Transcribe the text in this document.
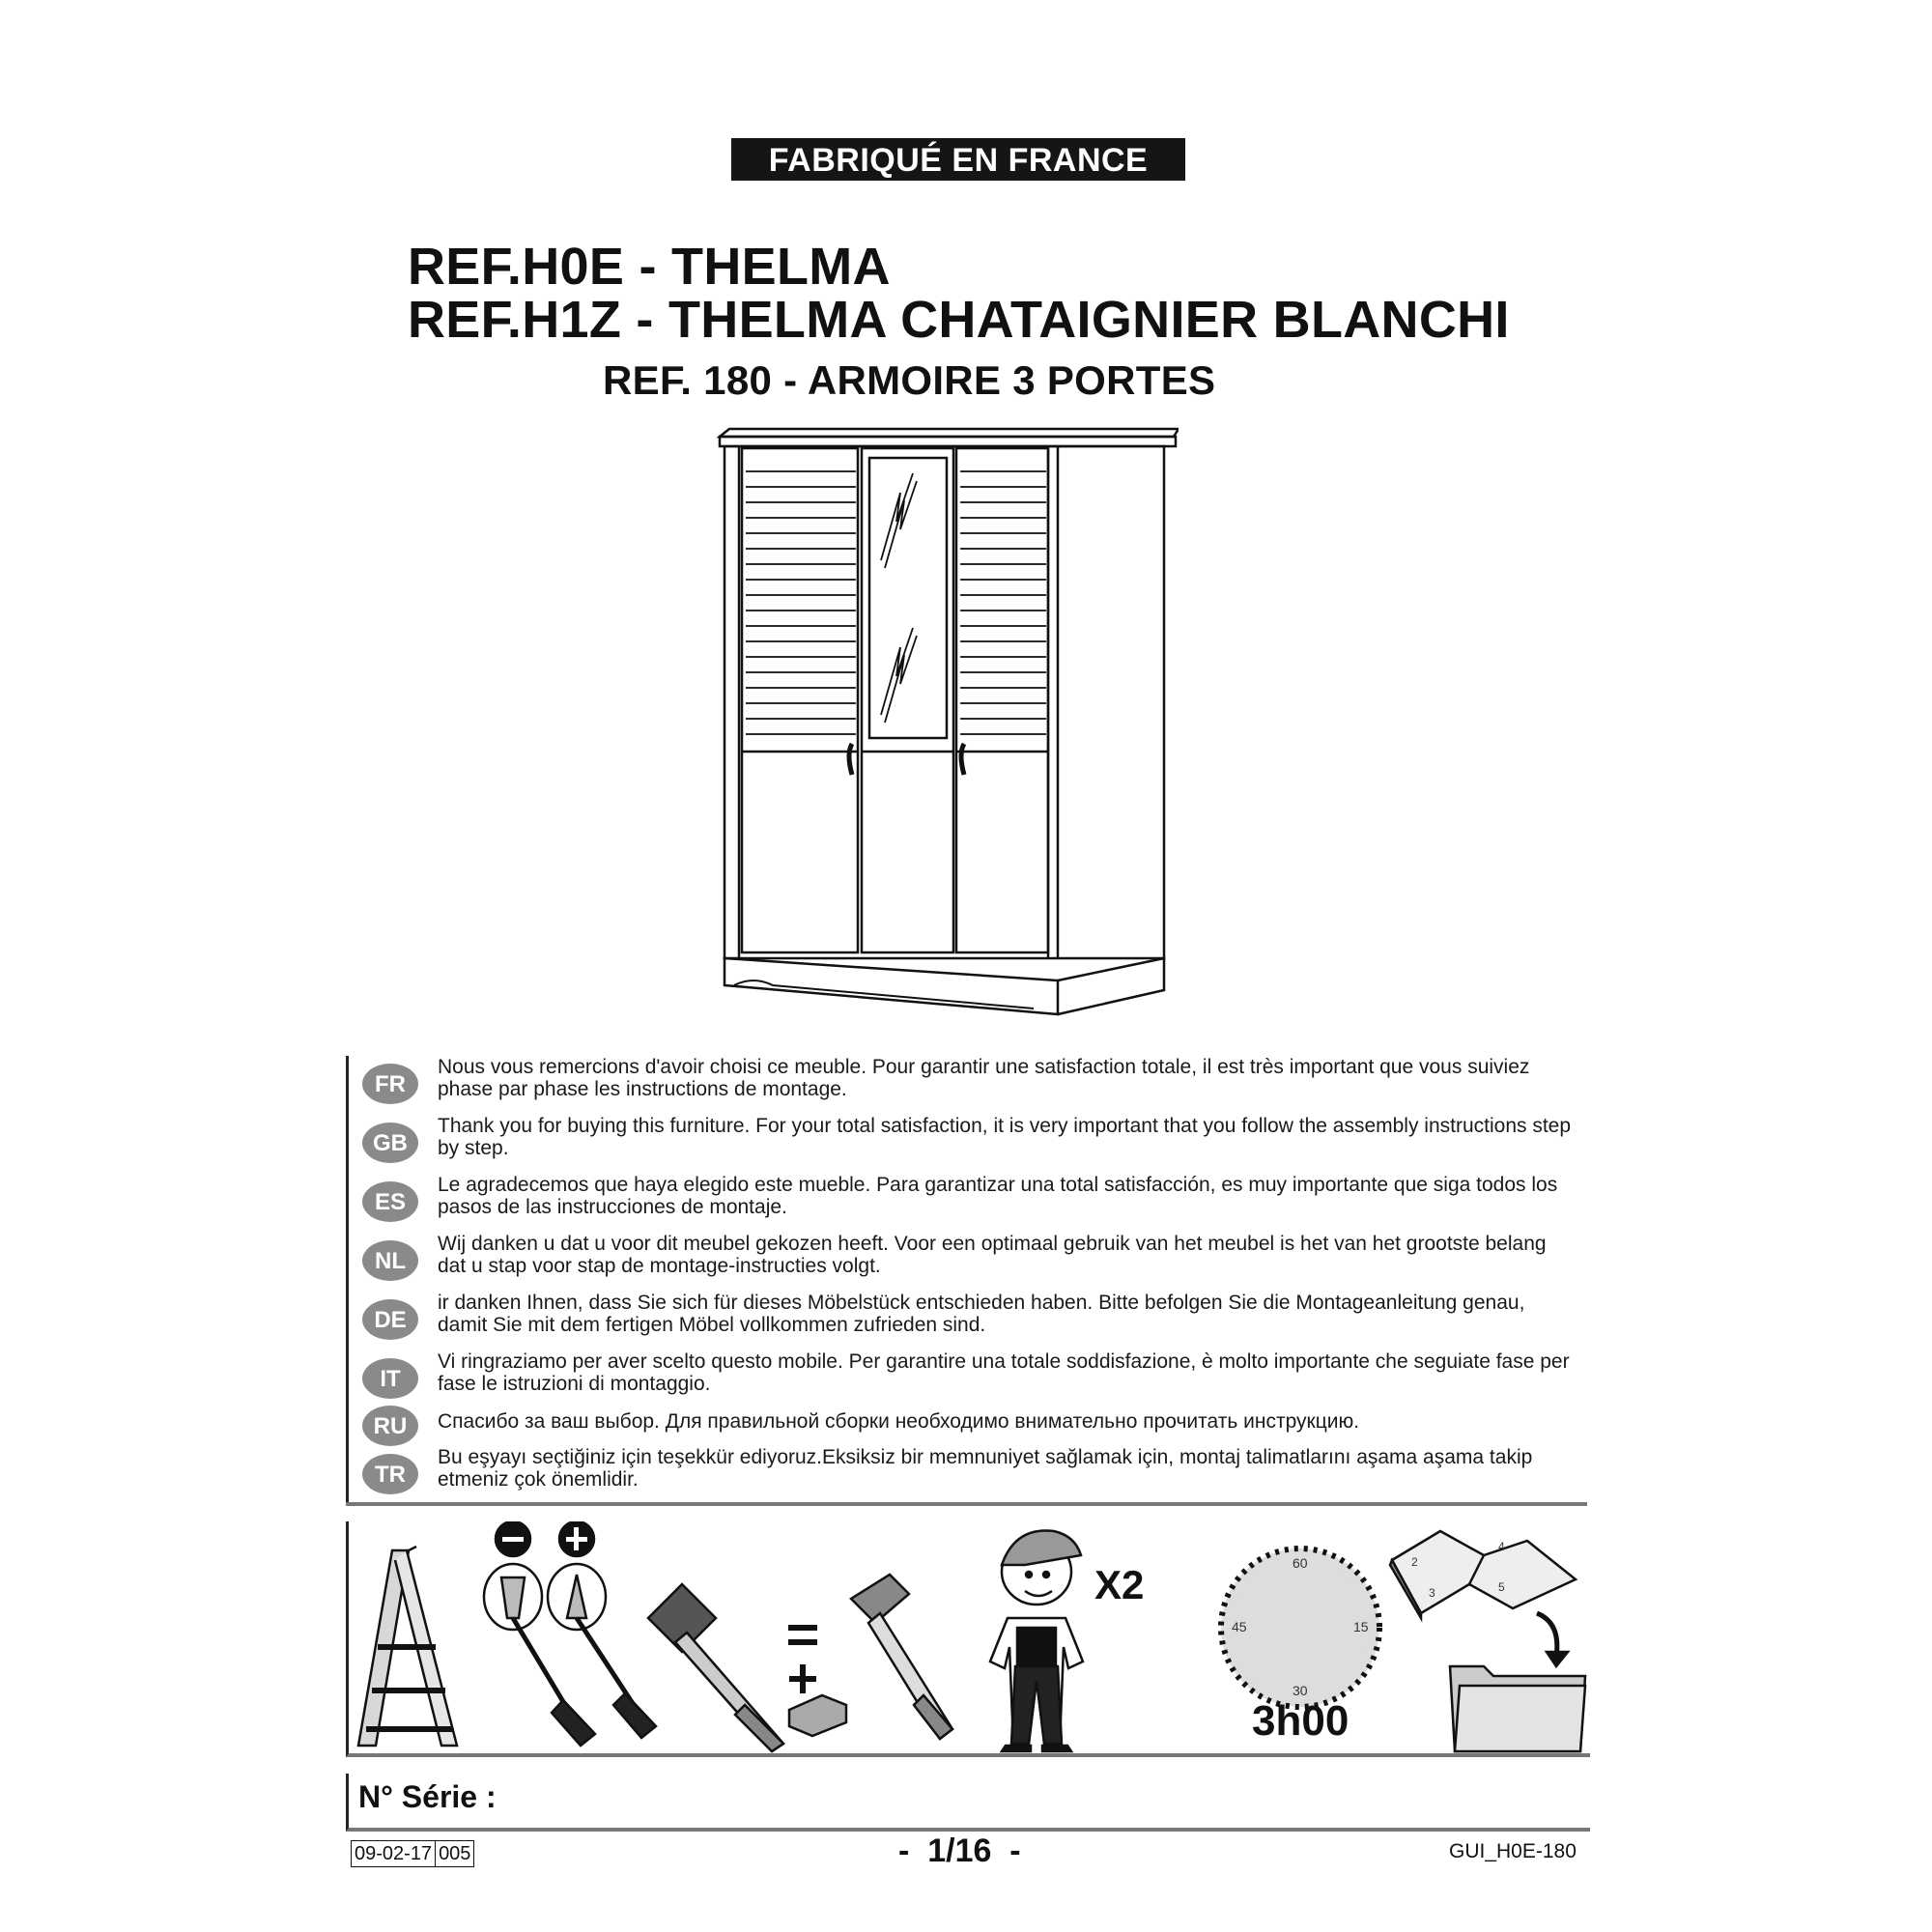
FABRIQUÉ EN FRANCE
REF.H0E - THELMA
REF.H1Z - THELMA CHATAIGNIER BLANCHI
REF. 180 - ARMOIRE 3 PORTES
FR
Nous vous remercions d'avoir choisi ce meuble. Pour garantir une satisfaction totale, il est très important que vous suiviez phase par phase les instructions de montage.
GB
Thank you for buying this furniture. For your total satisfaction, it is very important that you follow the assembly instructions step by step.
ES
Le agradecemos que haya elegido este mueble. Para garantizar una total satisfacción, es muy importante que siga todos los pasos de las instrucciones de montaje.
NL
Wij danken u dat u voor dit meubel gekozen heeft. Voor een optimaal gebruik van het meubel is het van het grootste belang dat u stap voor stap de montage-instructies volgt.
DE
ir danken Ihnen, dass Sie sich für dieses Möbelstück entschieden haben. Bitte befolgen Sie die Montageanleitung genau, damit Sie mit dem fertigen Möbel vollkommen zufrieden sind.
IT
Vi ringraziamo per aver scelto questo mobile. Per garantire una totale soddisfazione, è molto importante che seguiate fase per fase le istruzioni di montaggio.
RU	Спасибо за ваш выбор. Для правильной сборки необходимо внимательно прочитать инструкцию.
TR
Bu eşyayı seçtiğiniz için teşekkür ediyoruz.Eksiksiz bir memnuniyet sağlamak için, montaj talimatlarını aşama aşama takip etmeniz çok önemlidir.
=
60
15
30
45
2
3
4
5
X2
3h00
N° Série :
09-02-17 005	-  1/16  -	GUI_H0E-180
